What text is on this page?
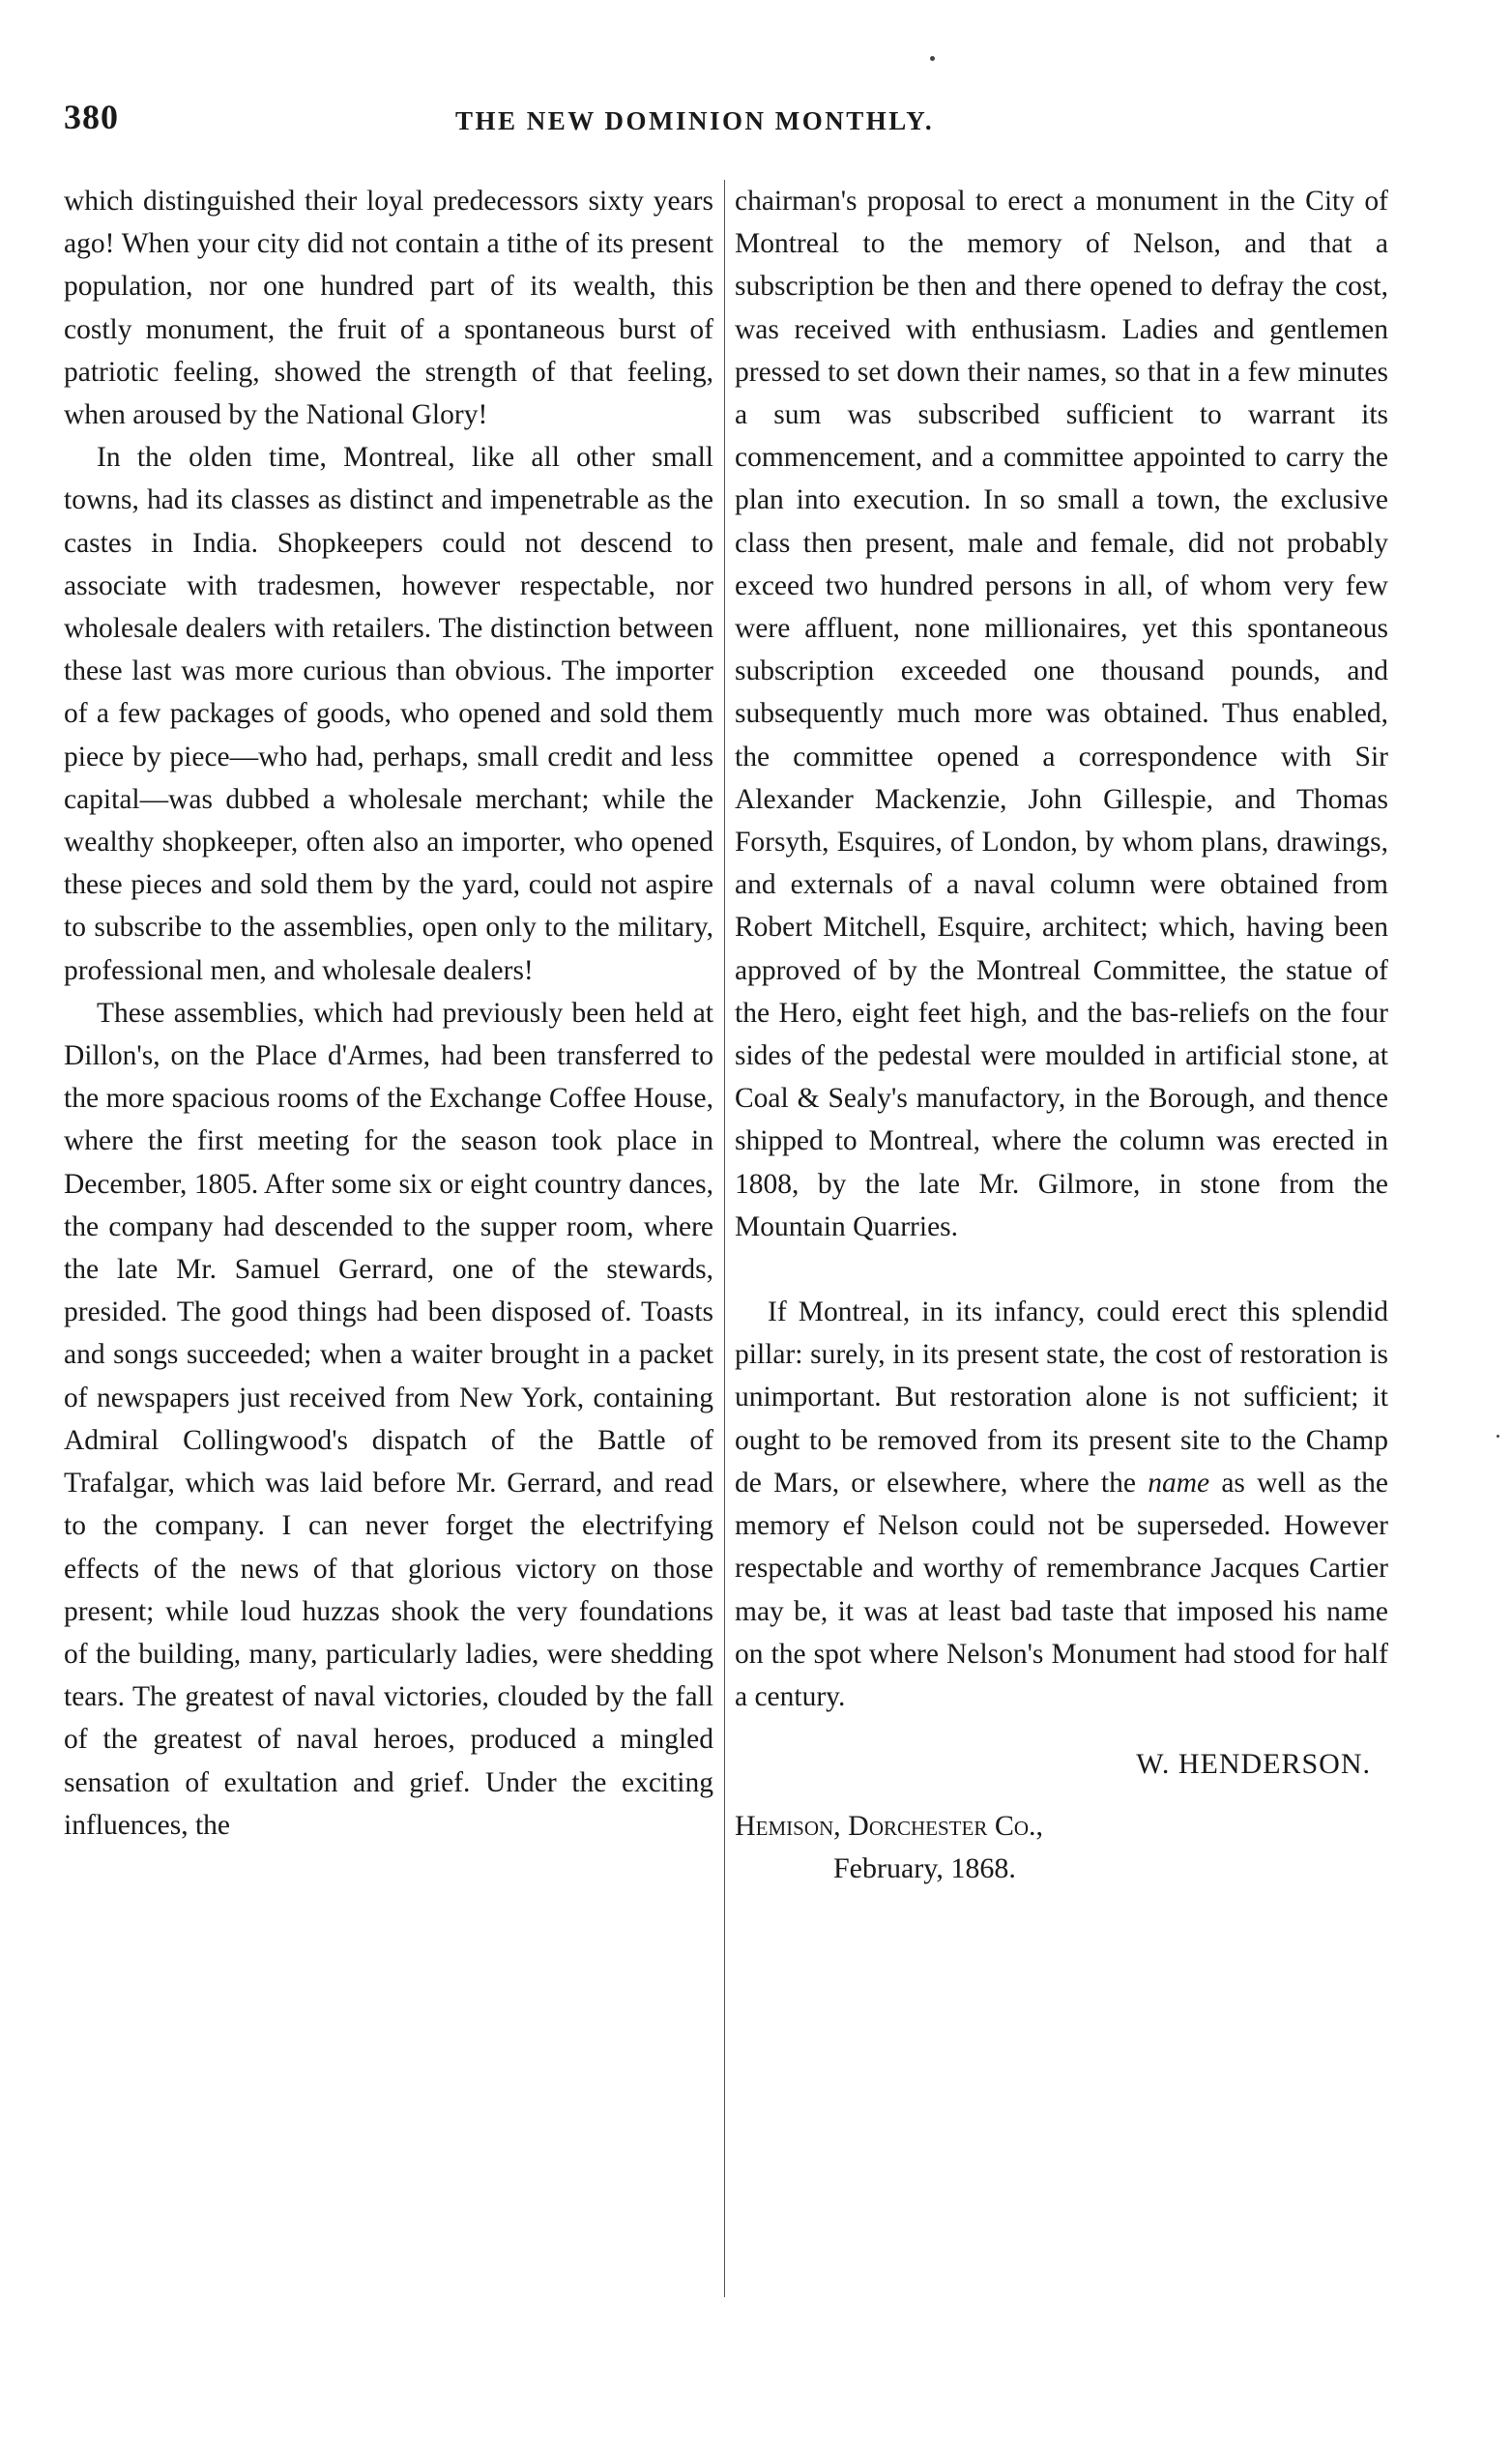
380	THE NEW DOMINION MONTHLY.

which distinguished their loyal predecessors sixty years ago! When your city did not contain a tithe of its present population, nor one hundred part of its wealth, this costly monument, the fruit of a spontaneous burst of patriotic feeling, showed the strength of that feeling, when aroused by the National Glory!

In the olden time, Montreal, like all other small towns, had its classes as distinct and impenetrable as the castes in India. Shopkeepers could not descend to associate with tradesmen, however respectable, nor wholesale dealers with retailers. The distinction between these last was more curious than obvious. The importer of a few packages of goods, who opened and sold them piece by piece—who had, perhaps, small credit and less capital—was dubbed a wholesale merchant; while the wealthy shopkeeper, often also an importer, who opened these pieces and sold them by the yard, could not aspire to subscribe to the assemblies, open only to the military, professional men, and wholesale dealers!

These assemblies, which had previously been held at Dillon's, on the Place d'Armes, had been transferred to the more spacious rooms of the Exchange Coffee House, where the first meeting for the season took place in December, 1805. After some six or eight country dances, the company had descended to the supper room, where the late Mr. Samuel Gerrard, one of the stewards, presided. The good things had been disposed of. Toasts and songs succeeded; when a waiter brought in a packet of newspapers just received from New York, containing Admiral Collingwood's dispatch of the Battle of Trafalgar, which was laid before Mr. Gerrard, and read to the company. I can never forget the electrifying effects of the news of that glorious victory on those present; while loud huzzas shook the very foundations of the building, many, particularly ladies, were shedding tears. The greatest of naval victories, clouded by the fall of the greatest of naval heroes, produced a mingled sensation of exultation and grief. Under the exciting influences, the

chairman's proposal to erect a monument in the City of Montreal to the memory of Nelson, and that a subscription be then and there opened to defray the cost, was received with enthusiasm. Ladies and gentlemen pressed to set down their names, so that in a few minutes a sum was subscribed sufficient to warrant its commencement, and a committee appointed to carry the plan into execution. In so small a town, the exclusive class then present, male and female, did not probably exceed two hundred persons in all, of whom very few were affluent, none millionaires, yet this spontaneous subscription exceeded one thousand pounds, and subsequently much more was obtained. Thus enabled, the committee opened a correspondence with Sir Alexander Mackenzie, John Gillespie, and Thomas Forsyth, Esquires, of London, by whom plans, drawings, and externals of a naval column were obtained from Robert Mitchell, Esquire, architect; which, having been approved of by the Montreal Committee, the statue of the Hero, eight feet high, and the bas-reliefs on the four sides of the pedestal were moulded in artificial stone, at Coal & Sealy's manufactory, in the Borough, and thence shipped to Montreal, where the column was erected in 1808, by the late Mr. Gilmore, in stone from the Mountain Quarries.

If Montreal, in its infancy, could erect this splendid pillar: surely, in its present state, the cost of restoration is unimportant. But restoration alone is not sufficient; it ought to be removed from its present site to the Champ de Mars, or elsewhere, where the name as well as the memory ef Nelson could not be superseded. However respectable and worthy of remembrance Jacques Cartier may be, it was at least bad taste that imposed his name on the spot where Nelson's Monument had stood for half a century.

W. HENDERSON.
Hemison, Dorchester Co.,
February, 1868.
